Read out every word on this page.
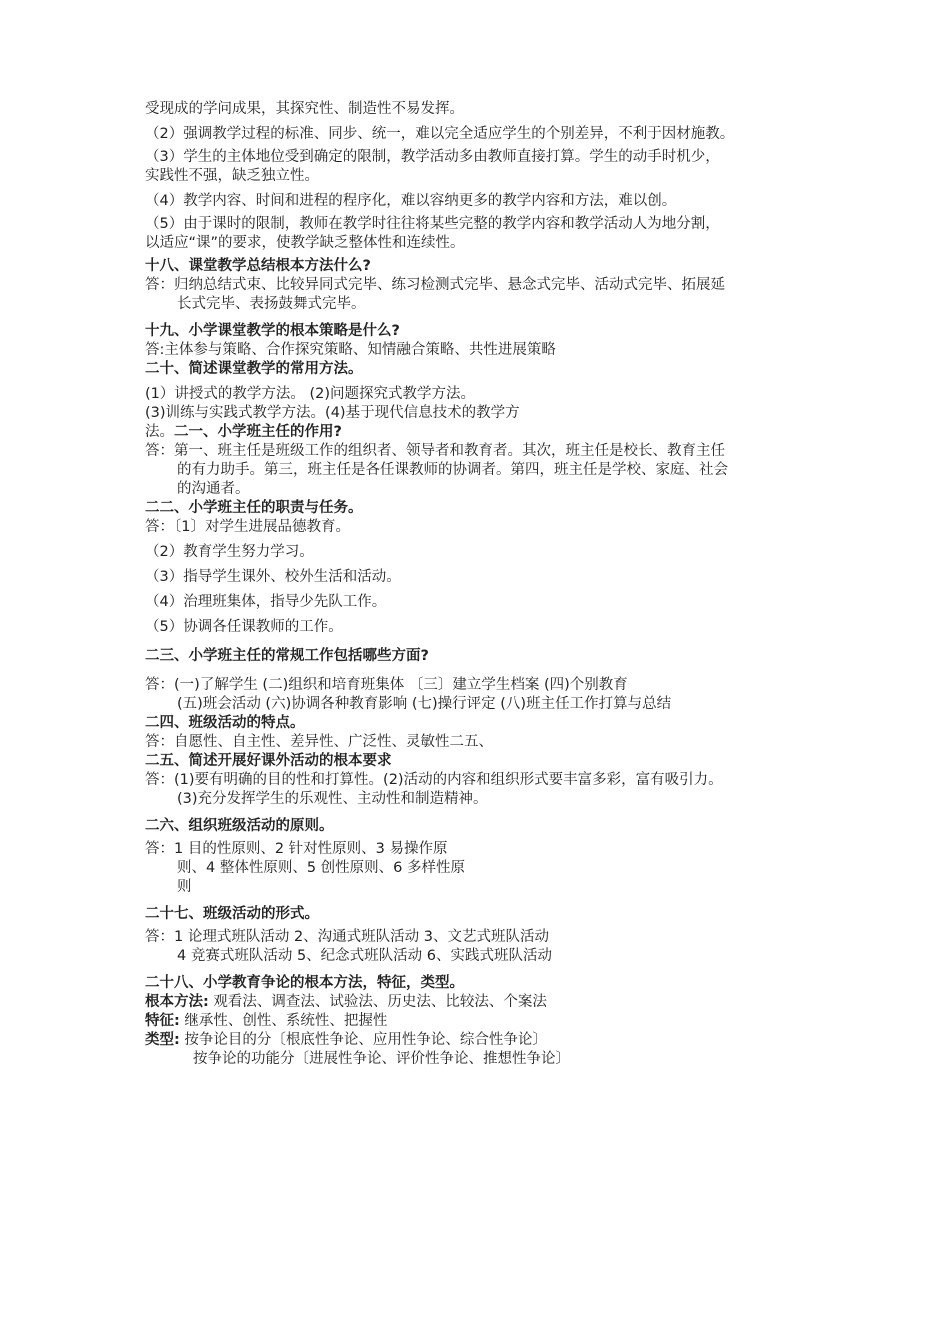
受现成的学问成果，其探究性、制造性不易发挥。
（2）强调教学过程的标准、同步、统一，难以完全适应学生的个别差异，不利于因材施教。
（3）学生的主体地位受到确定的限制，教学活动多由教师直接打算。学生的动手时机少，
实践性不强，缺乏独立性。
（4）教学内容、时间和进程的程序化，难以容纳更多的教学内容和方法，难以创。
（5）由于课时的限制，教师在教学时往往将某些完整的教学内容和教学活动人为地分割，
以适应“课”的要求，使教学缺乏整体性和连续性。
十八、课堂教学总结根本方法什么?
答：归纳总结式束、比较异同式完毕、练习检测式完毕、悬念式完毕、活动式完毕、拓展延
长式完毕、表扬鼓舞式完毕。
十九、小学课堂教学的根本策略是什么?
答:主体参与策略、合作探究策略、知情融合策略、共性进展策略
二十、简述课堂教学的常用方法。
(1）讲授式的教学方法。 (2)问题探究式教学方法。
(3)训练与实践式教学方法。(4)基于现代信息技术的教学方
法。二一、小学班主任的作用?
答：第一、班主任是班级工作的组织者、领导者和教育者。其次，班主任是校长、教育主任
的有力助手。第三，班主任是各任课教师的协调者。第四，班主任是学校、家庭、社会
的沟通者。
二二、小学班主任的职责与任务。
答：〔1〕对学生进展品德教育。
（2）教育学生努力学习。
（3）指导学生课外、校外生活和活动。
（4）治理班集体，指导少先队工作。
（5）协调各任课教师的工作。
二三、小学班主任的常规工作包括哪些方面?
答：(一)了解学生 (二)组织和培育班集体 〔三〕建立学生档案 (四)个别教育
(五)班会活动 (六)协调各种教育影响 (七)操行评定 (八)班主任工作打算与总结
二四、班级活动的特点。
答：自愿性、自主性、差异性、广泛性、灵敏性二五、
二五、简述开展好课外活动的根本要求
答：(1)要有明确的目的性和打算性。(2)活动的内容和组织形式要丰富多彩，富有吸引力。
(3)充分发挥学生的乐观性、主动性和制造精神。
二六、组织班级活动的原则。
答：1 目的性原则、2 针对性原则、3 易操作原
则、4 整体性原则、5 创性原则、6 多样性原
则
二十七、班级活动的形式。
答：1 论理式班队活动 2、沟通式班队活动 3、文艺式班队活动
4 竞赛式班队活动 5、纪念式班队活动 6、实践式班队活动
二十八、小学教育争论的根本方法，特征，类型。
根本方法: 观看法、调查法、试验法、历史法、比较法、个案法
特征: 继承性、创性、系统性、把握性
类型: 按争论目的分〔根底性争论、应用性争论、综合性争论〕
按争论的功能分〔进展性争论、评价性争论、推想性争论〕
